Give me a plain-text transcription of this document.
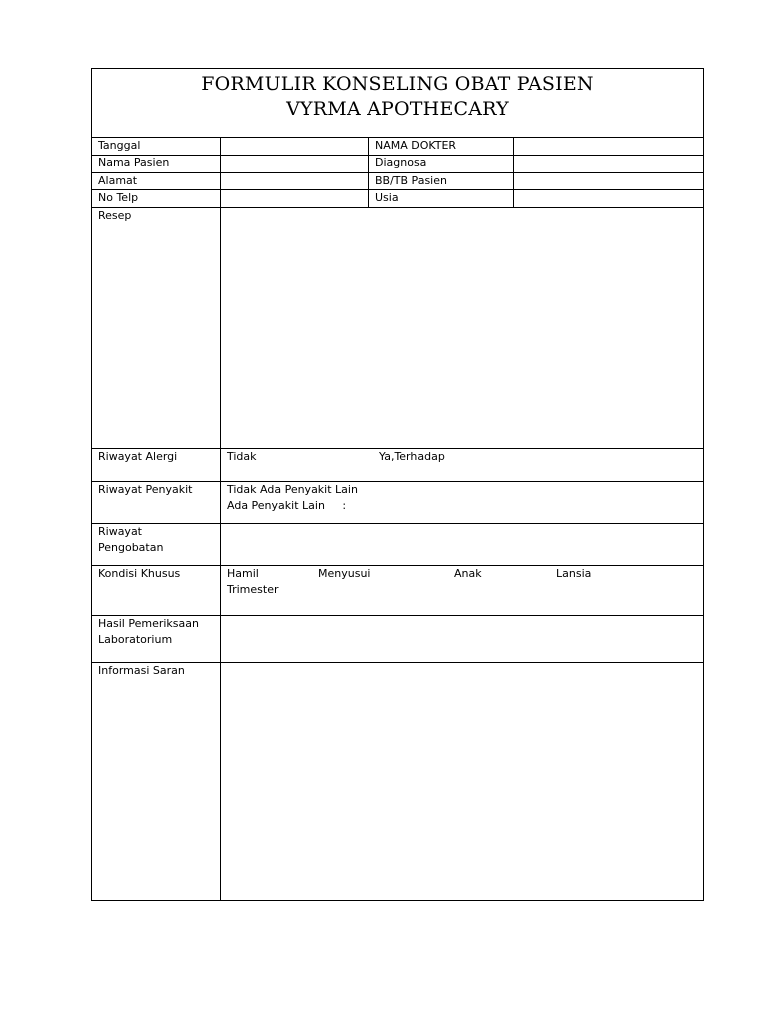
FORMULIR KONSELING OBAT PASIEN
VYRMA APOTHECARY
Tanggal	NAMA DOKTER
Nama Pasien	Diagnosa
Alamat	BB/TB Pasien
No Telp	Usia
Resep
Riwayat Alergi	Tidak	Ya,Terhadap
Riwayat Penyakit	Tidak Ada Penyakit Lain
Ada Penyakit Lain     :
Riwayat
Pengobatan
Kondisi Khusus	Hamil	Menyusui	Anak	Lansia
Trimester
Hasil Pemeriksaan
Laboratorium
Informasi Saran
